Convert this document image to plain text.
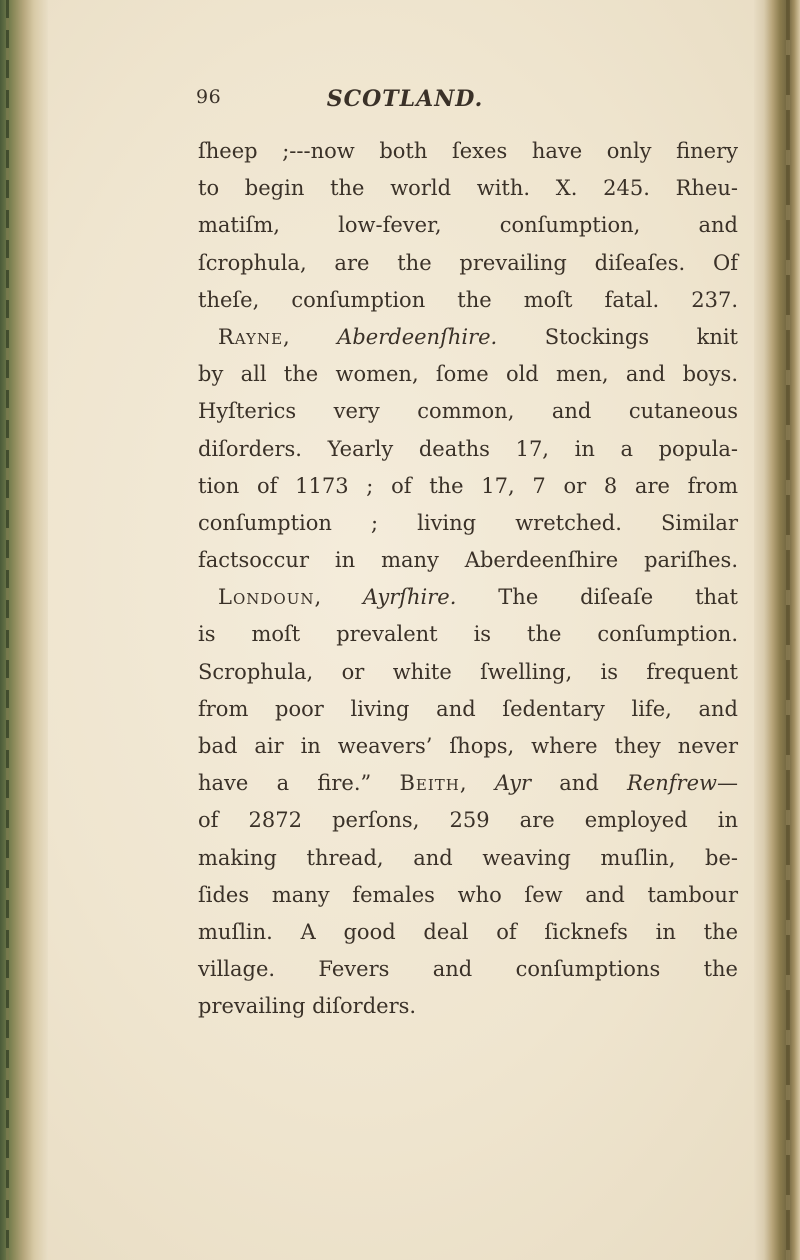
96	SCOTLAND.
ſheep ;---now both ſexes have only finery
to begin the world with. X. 245. Rheu-
matiſm, low-fever, conſumption, and
ſcrophula, are the prevailing diſeaſes. Of
theſe, conſumption the moſt fatal. 237.
Rayne, Aberdeenſhire. Stockings knit
by all the women, ſome old men, and boys.
Hyſterics very common, and cutaneous
diſorders. Yearly deaths 17, in a popula-
tion of 1173 ; of the 17, 7 or 8 are from
conſumption ; living wretched. Similar
factsoccur in many Aberdeenſhire pariſhes.
Londoun, Ayrſhire. The diſeaſe that
is moſt prevalent is the conſumption.
Scrophula, or white ſwelling, is frequent
from poor living and ſedentary life, and
bad air in weavers’ ſhops, where they never
have a fire.” Beith, Ayr and Renfrew—
of 2872 perſons, 259 are employed in
making thread, and weaving muſlin, be-
ſides many females who ſew and tambour
muſlin. A good deal of ſicknefs in the
village. Fevers and conſumptions the
prevailing diſorders.
